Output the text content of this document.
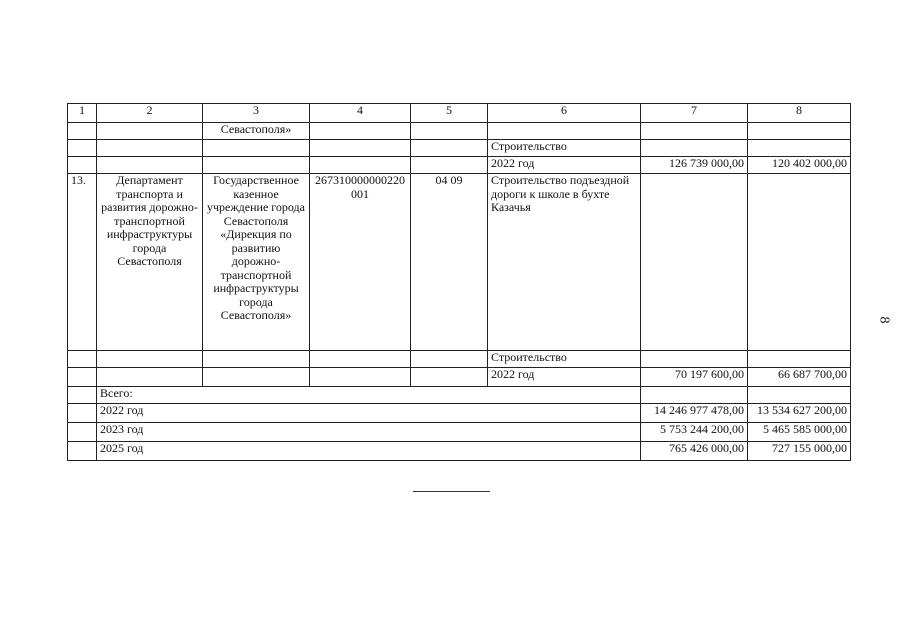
1	2	3	4	5	6	7	8
		Севастополя»					
					Строительство		
					2022 год	126 739 000,00	120 402 000,00
13.	Департамент транспорта и развития дорожно-транспортной инфраструктуры города Севастополя	Государственное казенное учреждение города Севастополя «Дирекция по развитию дорожно-транспортной инфраструктуры города Севастополя»	267310000000220001	04 09	Строительство подъездной дороги к школе в бухте Казачья		
					Строительство		
					2022 год	70 197 600,00	66 687 700,00
	Всего:						
	2022 год					14 246 977 478,00	13 534 627 200,00
	2023 год					5 753 244 200,00	5 465 585 000,00
	2025 год					765 426 000,00	727 155 000,00
8
